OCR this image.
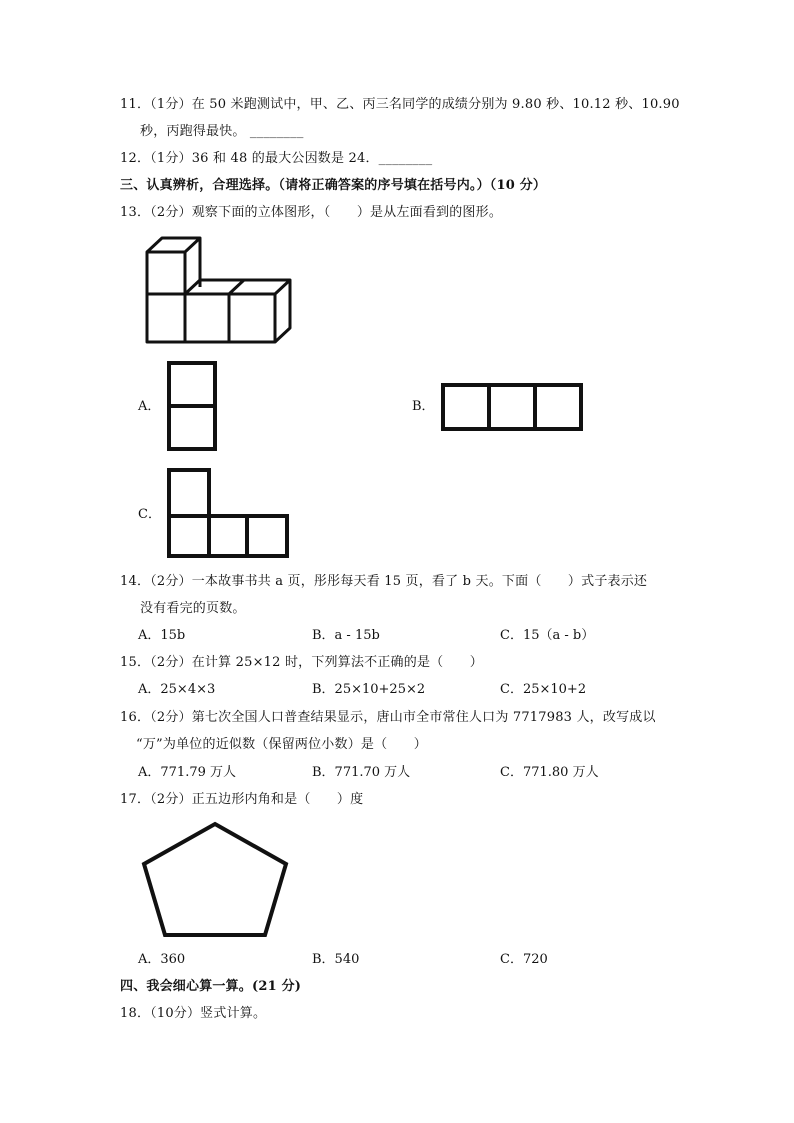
11．（1分）在 50 米跑测试中，甲、乙、丙三名同学的成绩分别为 9.80 秒、10.12 秒、10.90
秒，丙跑得最快。 ________
12．（1分）36 和 48 的最大公因数是 24．________
三、认真辨析，合理选择。（请将正确答案的序号填在括号内。）（10 分）
13．（2分）观察下面的立体图形，（　　）是从左面看到的图形。
A．	B．
C．
14．（2分）一本故事书共 a 页，彤彤每天看 15 页，看了 b 天。下面（　　）式子表示还
没有看完的页数。
A．15b	B．a - 15b	C．15（a - b）
15．（2分）在计算 25×12 时，下列算法不正确的是（　　）
A．25×4×3	B．25×10+25×2	C．25×10+2
16．（2分）第七次全国人口普查结果显示，唐山市全市常住人口为 7717983 人，改写成以
“万”为单位的近似数（保留两位小数）是（　　）
A．771.79 万人	B．771.70 万人	C．771.80 万人
17．（2分）正五边形内角和是（　　）度
A．360	B．540	C．720
四、我会细心算一算。(21 分)
18．（10分）竖式计算。
